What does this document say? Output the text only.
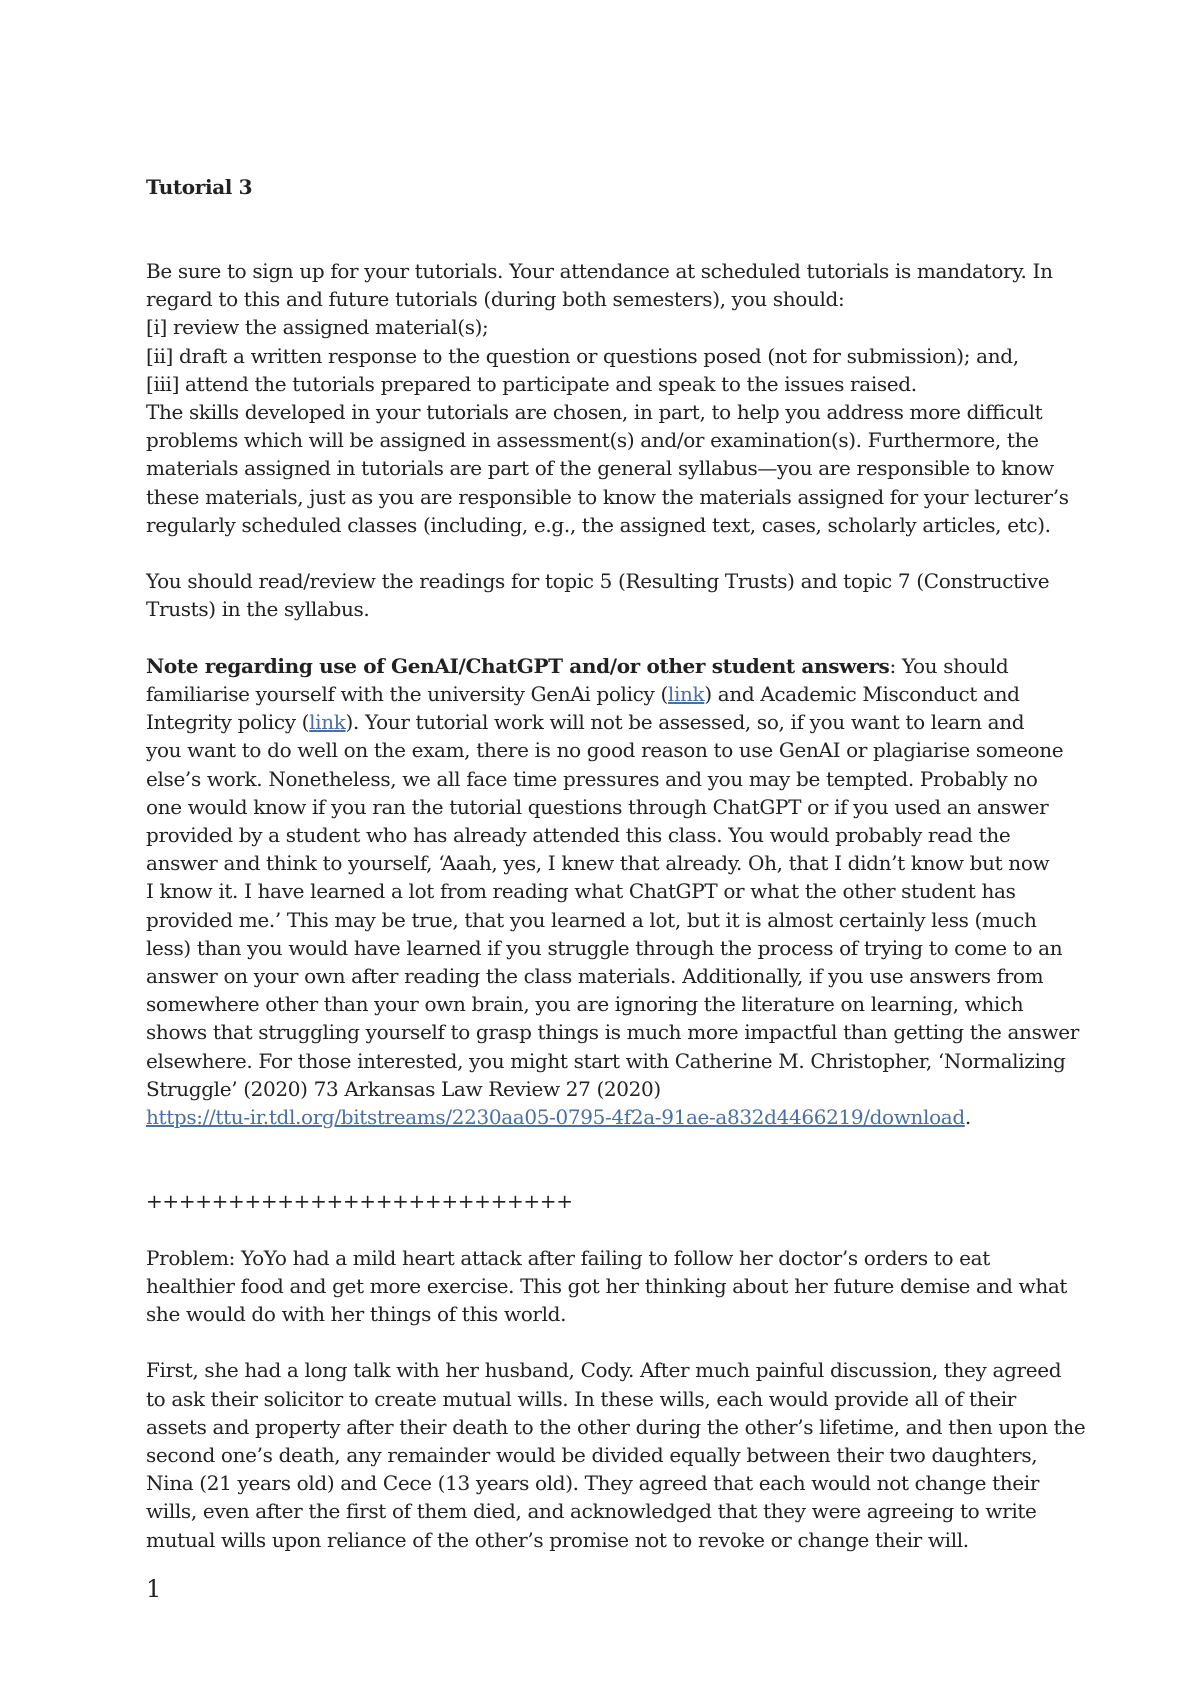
Tutorial 3
Be sure to sign up for your tutorials. Your attendance at scheduled tutorials is mandatory. In
regard to this and future tutorials (during both semesters), you should:
[i] review the assigned material(s);
[ii] draft a written response to the question or questions posed (not for submission); and,
[iii] attend the tutorials prepared to participate and speak to the issues raised.
The skills developed in your tutorials are chosen, in part, to help you address more difficult
problems which will be assigned in assessment(s) and/or examination(s). Furthermore, the
materials assigned in tutorials are part of the general syllabus—you are responsible to know
these materials, just as you are responsible to know the materials assigned for your lecturer’s
regularly scheduled classes (including, e.g., the assigned text, cases, scholarly articles, etc).
You should read/review the readings for topic 5 (Resulting Trusts) and topic 7 (Constructive
Trusts) in the syllabus.
Note regarding use of GenAI/ChatGPT and/or other student answers: You should
familiarise yourself with the university GenAi policy (link) and Academic Misconduct and
Integrity policy (link). Your tutorial work will not be assessed, so, if you want to learn and
you want to do well on the exam, there is no good reason to use GenAI or plagiarise someone
else’s work. Nonetheless, we all face time pressures and you may be tempted. Probably no
one would know if you ran the tutorial questions through ChatGPT or if you used an answer
provided by a student who has already attended this class. You would probably read the
answer and think to yourself, ‘Aaah, yes, I knew that already. Oh, that I didn’t know but now
I know it. I have learned a lot from reading what ChatGPT or what the other student has
provided me.’ This may be true, that you learned a lot, but it is almost certainly less (much
less) than you would have learned if you struggle through the process of trying to come to an
answer on your own after reading the class materials. Additionally, if you use answers from
somewhere other than your own brain, you are ignoring the literature on learning, which
shows that struggling yourself to grasp things is much more impactful than getting the answer
elsewhere. For those interested, you might start with Catherine M. Christopher, ‘Normalizing
Struggle’ (2020) 73 Arkansas Law Review 27 (2020)
https://ttu-ir.tdl.org/bitstreams/2230aa05-0795-4f2a-91ae-a832d4466219/download.
++++++++++++++++++++++++++
Problem: YoYo had a mild heart attack after failing to follow her doctor’s orders to eat
healthier food and get more exercise. This got her thinking about her future demise and what
she would do with her things of this world.
First, she had a long talk with her husband, Cody. After much painful discussion, they agreed
to ask their solicitor to create mutual wills. In these wills, each would provide all of their
assets and property after their death to the other during the other’s lifetime, and then upon the
second one’s death, any remainder would be divided equally between their two daughters,
Nina (21 years old) and Cece (13 years old). They agreed that each would not change their
wills, even after the first of them died, and acknowledged that they were agreeing to write
mutual wills upon reliance of the other’s promise not to revoke or change their will.
1
